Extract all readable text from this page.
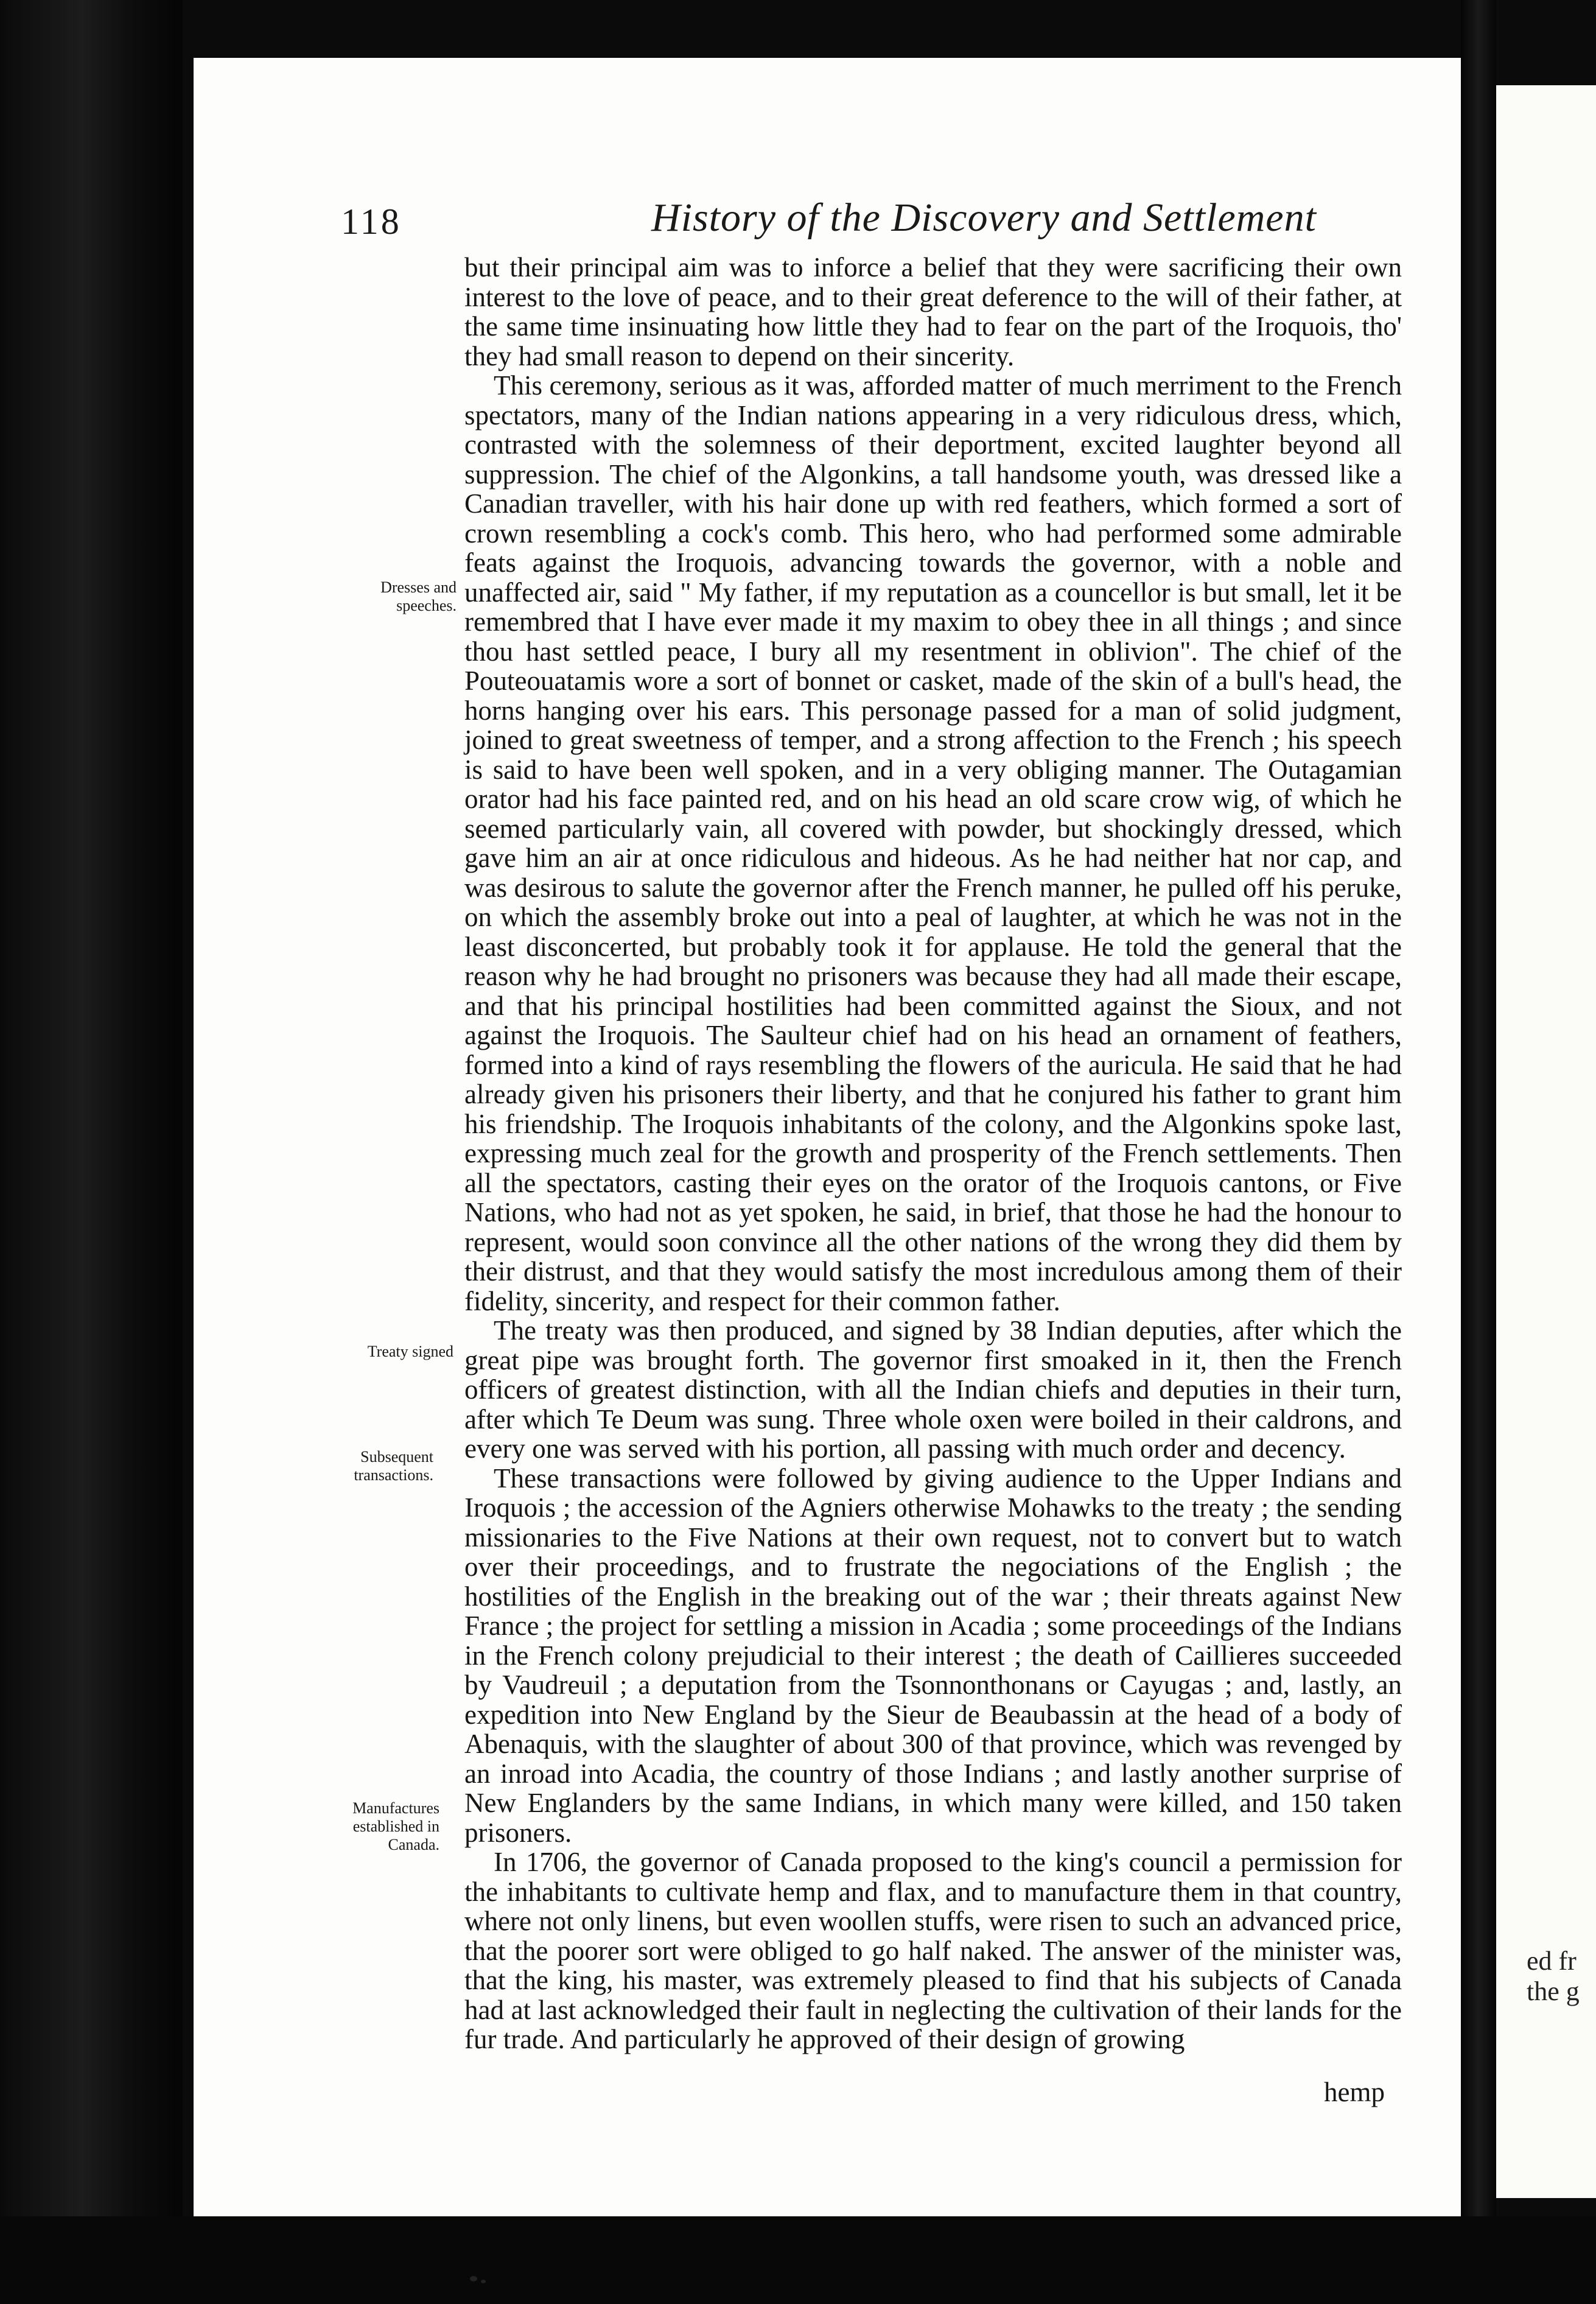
118	History of the Discovery and Settlement
Dresses and speeches.
Treaty signed
Subsequent transactions.
Manufactures established in Canada.

but their principal aim was to inforce a belief that they were sacrificing their own interest to the love of peace, and to their great deference to the will of their father, at the same time insinuating how little they had to fear on the part of the Iroquois, tho' they had small reason to depend on their sincerity.

This ceremony, serious as it was, afforded matter of much merriment to the French spectators, many of the Indian nations appearing in a very ridiculous dress, which, contrasted with the solemness of their deportment, excited laughter beyond all suppression. The chief of the Algonkins, a tall handsome youth, was dressed like a Canadian traveller, with his hair done up with red feathers, which formed a sort of crown resembling a cock's comb. This hero, who had performed some admirable feats against the Iroquois, advancing towards the governor, with a noble and unaffected air, said " My father, if my reputation as a councellor is but small, let it be remembred that I have ever made it my maxim to obey thee in all things ; and since thou hast settled peace, I bury all my resentment in oblivion". The chief of the Pouteouatamis wore a sort of bonnet or casket, made of the skin of a bull's head, the horns hanging over his ears. This personage passed for a man of solid judgment, joined to great sweetness of temper, and a strong affection to the French ; his speech is said to have been well spoken, and in a very obliging manner. The Outagamian orator had his face painted red, and on his head an old scare crow wig, of which he seemed particularly vain, all covered with powder, but shockingly dressed, which gave him an air at once ridiculous and hideous. As he had neither hat nor cap, and was desirous to salute the governor after the French manner, he pulled off his peruke, on which the assembly broke out into a peal of laughter, at which he was not in the least disconcerted, but probably took it for applause. He told the general that the reason why he had brought no prisoners was because they had all made their escape, and that his principal hostilities had been committed against the Sioux, and not against the Iroquois. The Saulteur chief had on his head an ornament of feathers, formed into a kind of rays resembling the flowers of the auricula. He said that he had already given his prisoners their liberty, and that he conjured his father to grant him his friendship. The Iroquois inhabitants of the colony, and the Algonkins spoke last, expressing much zeal for the growth and prosperity of the French settlements. Then all the spectators, casting their eyes on the orator of the Iroquois cantons, or Five Nations, who had not as yet spoken, he said, in brief, that those he had the honour to represent, would soon convince all the other nations of the wrong they did them by their distrust, and that they would satisfy the most incredulous among them of their fidelity, sincerity, and respect for their common father.

The treaty was then produced, and signed by 38 Indian deputies, after which the great pipe was brought forth. The governor first smoaked in it, then the French officers of greatest distinction, with all the Indian chiefs and deputies in their turn, after which Te Deum was sung. Three whole oxen were boiled in their caldrons, and every one was served with his portion, all passing with much order and decency.

These transactions were followed by giving audience to the Upper Indians and Iroquois ; the accession of the Agniers otherwise Mohawks to the treaty ; the sending missionaries to the Five Nations at their own request, not to convert but to watch over their proceedings, and to frustrate the negociations of the English ; the hostilities of the English in the breaking out of the war ; their threats against New France ; the project for settling a mission in Acadia ; some proceedings of the Indians in the French colony prejudicial to their interest ; the death of Caillieres succeeded by Vaudreuil ; a deputation from the Tsonnonthonans or Cayugas ; and, lastly, an expedition into New England by the Sieur de Beaubassin at the head of a body of Abenaquis, with the slaughter of about 300 of that province, which was revenged by an inroad into Acadia, the country of those Indians ; and lastly another surprise of New Englanders by the same Indians, in which many were killed, and 150 taken prisoners.

In 1706, the governor of Canada proposed to the king's council a permission for the inhabitants to cultivate hemp and flax, and to manufacture them in that country, where not only linens, but even woollen stuffs, were risen to such an advanced price, that the poorer sort were obliged to go half naked. The answer of the minister was, that the king, his master, was extremely pleased to find that his subjects of Canada had at last acknowledged their fault in neglecting the cultivation of their lands for the fur trade. And particularly he approved of their design of growing

hemp
ed fr
the g
